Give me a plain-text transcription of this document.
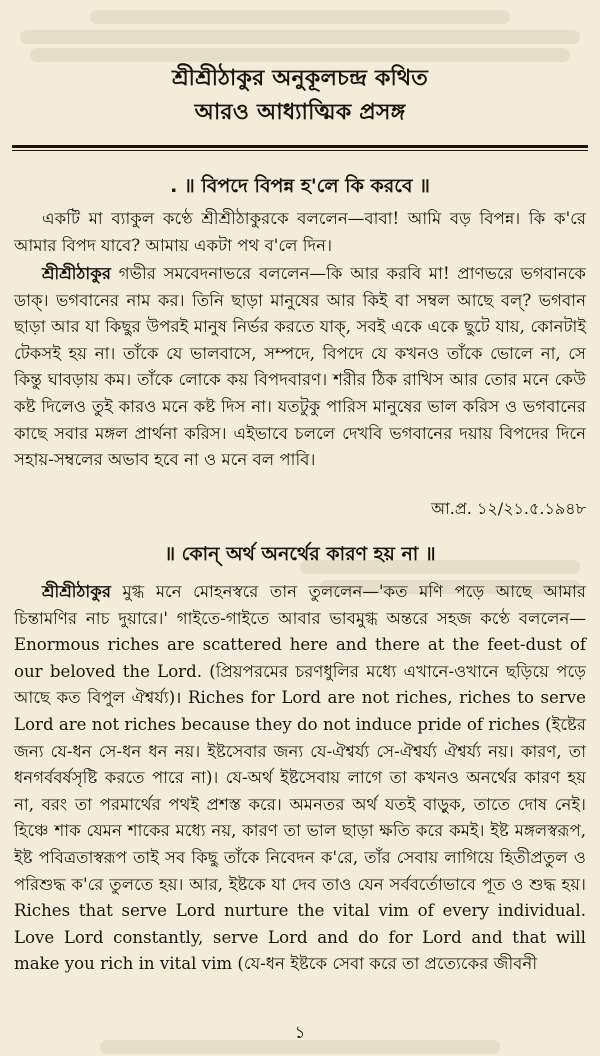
শ্রীশ্রীঠাকুর অনুকূলচন্দ্র কথিত
আরও আধ্যাত্মিক প্রসঙ্গ
. ॥ বিপদে বিপন্ন হ'লে কি করবে ॥
একটি মা ব্যাকুল কণ্ঠে শ্রীশ্রীঠাকুরকে বললেন—বাবা! আমি বড় বিপন্ন। কি ক'রে আমার বিপদ যাবে? আমায় একটা পথ ব'লে দিন।
শ্রীশ্রীঠাকুর গভীর সমবেদনাভরে বললেন—কি আর করবি মা! প্রাণভরে ভগবানকে ডাক্‌। ভগবানের নাম কর। তিনি ছাড়া মানুষের আর কিই বা সম্বল আছে বল্‌? ভগবান ছাড়া আর যা কিছুর উপরই মানুষ নির্ভর করতে যাক্‌, সবই একে একে ছুটে যায়, কোনটাই টেকসই হয় না। তাঁকে যে ভালবাসে, সম্পদে, বিপদে যে কখনও তাঁকে ভোলে না, সে কিন্তু ঘাবড়ায় কম। তাঁকে লোকে কয় বিপদবারণ। শরীর ঠিক রাখিস আর তোর মনে কেউ কষ্ট দিলেও তুই কারও মনে কষ্ট দিস না। যতটুকু পারিস মানুষের ভাল করিস ও ভগবানের কাছে সবার মঙ্গল প্রার্থনা করিস। এইভাবে চললে দেখবি ভগবানের দয়ায় বিপদের দিনে সহায়-সম্বলের অভাব হবে না ও মনে বল পাবি।
আ.প্র. ১২/২১.৫.১৯৪৮
॥ কোন্‌ অর্থ অনর্থের কারণ হয় না ॥
শ্রীশ্রীঠাকুর মুগ্ধ মনে মোহনস্বরে তান তুললেন—'কত মণি পড়ে আছে আমার চিন্তামণির নাচ দুয়ারে।' গাইতে-গাইতে আবার ভাবমুগ্ধ অন্তরে সহজ কণ্ঠে বললেন—Enormous riches are scattered here and there at the feet-dust of our beloved the Lord. (প্রিয়পরমের চরণধুলির মধ্যে এখানে-ওখানে ছড়িয়ে পড়ে আছে কত বিপুল ঐশ্বর্য্য)। Riches for Lord are not riches, riches to serve Lord are not riches because they do not induce pride of riches (ইষ্টের জন্য যে-ধন সে-ধন ধন নয়। ইষ্টসেবার জন্য যে-ঐশ্বর্য্য সে-ঐশ্বর্য্য ঐশ্বর্য্য নয়। কারণ, তা ধনগর্ববর্ষসৃষ্টি করতে পারে না)। যে-অর্থ ইষ্টসেবায় লাগে তা কখনও অনর্থের কারণ হয় না, বরং তা পরমার্থের পথই প্রশস্ত করে। অমনতর অর্থ যতই বাড়ুক, তাতে দোষ নেই। হিঞ্চে শাক যেমন শাকের মধ্যে নয়, কারণ তা ভাল ছাড়া ক্ষতি করে কমই। ইষ্ট মঙ্গলস্বরূপ, ইষ্ট পবিত্রতাস্বরূপ তাই সব কিছু তাঁকে নিবেদন ক'রে, তাঁর সেবায় লাগিয়ে হিতীপ্রতুল ও পরিশুদ্ধ ক'রে তুলতে হয়। আর, ইষ্টকে যা দেব তাও যেন সর্ববর্তোভাবে পূত ও শুদ্ধ হয়। Riches that serve Lord nurture the vital vim of every individual. Love Lord constantly, serve Lord and do for Lord and that will make you rich in vital vim (যে-ধন ইষ্টকে সেবা করে তা প্রত্যেকের জীবনী
১
